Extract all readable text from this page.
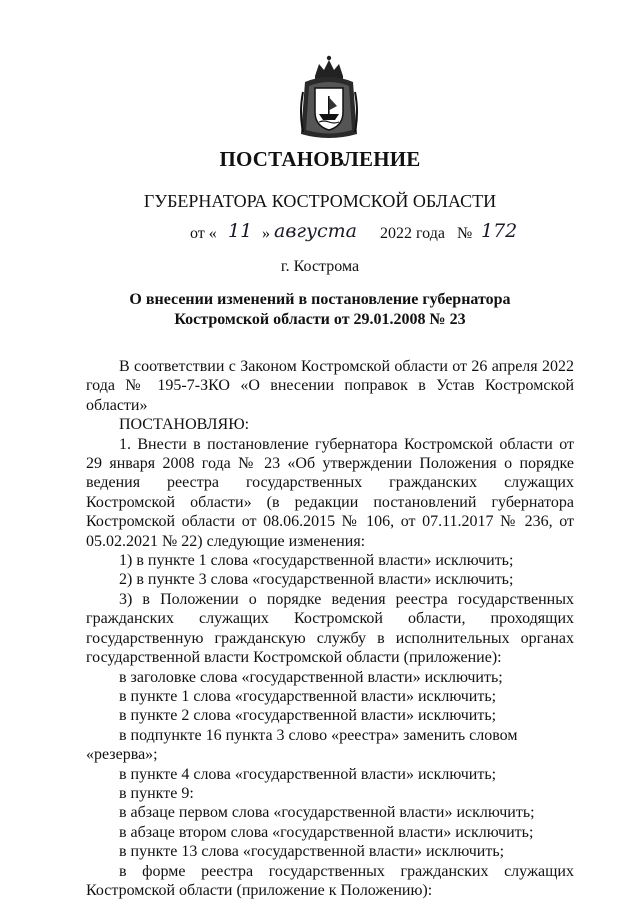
ПОСТАНОВЛЕНИЕ
ГУБЕРНАТОРА КОСТРОМСКОЙ ОБЛАСТИ
от « 11 » августа 2022 года № 172
г. Кострома
О внесении изменений в постановление губернатора
Костромской области от 29.01.2008 № 23

В соответствии с Законом Костромской области от 26 апреля 2022 года № 195-7-ЗКО «О внесении поправок в Устав Костромской области»

ПОСТАНОВЛЯЮ:

1. Внести в постановление губернатора Костромской области от 29 января 2008 года № 23 «Об утверждении Положения о порядке ведения реестра государственных гражданских служащих Костромской области» (в редакции постановлений губернатора Костромской области от 08.06.2015 № 106, от 07.11.2017 № 236, от 05.02.2021 № 22) следующие изменения:

1) в пункте 1 слова «государственной власти» исключить;

2) в пункте 3 слова «государственной власти» исключить;

3) в Положении о порядке ведения реестра государственных гражданских служащих Костромской области, проходящих государственную гражданскую службу в исполнительных органах государственной власти Костромской области (приложение):

в заголовке слова «государственной власти» исключить;

в пункте 1 слова «государственной власти» исключить;

в пункте 2 слова «государственной власти» исключить;

в подпункте 16 пункта 3 слово «реестра» заменить словом «резерва»;

в пункте 4 слова «государственной власти» исключить;

в пункте 9:

в абзаце первом слова «государственной власти» исключить;

в абзаце втором слова «государственной власти» исключить;

в пункте 13 слова «государственной власти» исключить;

в форме реестра государственных гражданских служащих Костромской области (приложение к Положению):
